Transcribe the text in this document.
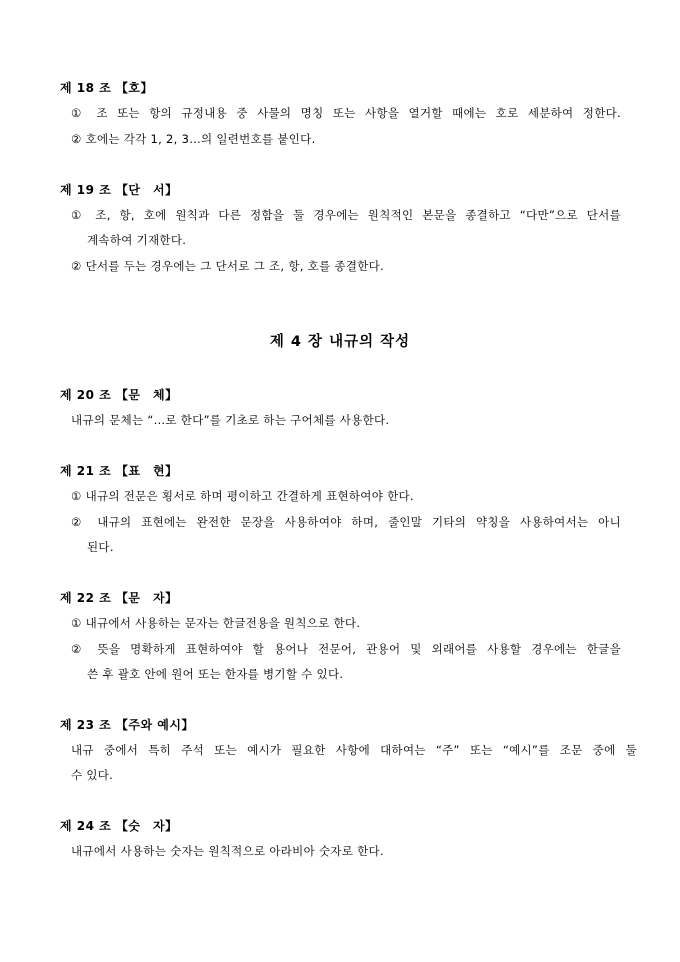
제 18 조 【호】
① 조 또는 항의 규정내용 중 사물의 명칭 또는 사항을 열거할 때에는 호로 세분하여 정한다.
② 호에는 각각 1, 2, 3…의 일련번호를 붙인다.
제 19 조 【단　서】
① 조, 항, 호에 원칙과 다른 정함을 둘 경우에는 원칙적인 본문을 종결하고 “다만”으로 단서를
계속하여 기재한다.
② 단서를 두는 경우에는 그 단서로 그 조, 항, 호를 종결한다.
제 4 장 내규의 작성
제 20 조 【문　체】
내규의 문체는 “…로 한다”를 기초로 하는 구어체를 사용한다.
제 21 조 【표　현】
① 내규의 전문은 횡서로 하며 평이하고 간결하게 표현하여야 한다.
② 내규의 표현에는 완전한 문장을 사용하여야 하며, 줄인말 기타의 약칭을 사용하여서는 아니
된다.
제 22 조 【문　자】
① 내규에서 사용하는 문자는 한글전용을 원칙으로 한다.
② 뜻을 명확하게 표현하여야 할 용어나 전문어, 관용어 및 외래어를 사용할 경우에는 한글을
쓴 후 괄호 안에 원어 또는 한자를 병기할 수 있다.
제 23 조 【주와 예시】
내규 중에서 특히 주석 또는 예시가 필요한 사항에 대하여는 “주” 또는 “예시”를 조문 중에 둘
수 있다.
제 24 조 【숫　자】
내규에서 사용하는 숫자는 원칙적으로 아라비아 숫자로 한다.
